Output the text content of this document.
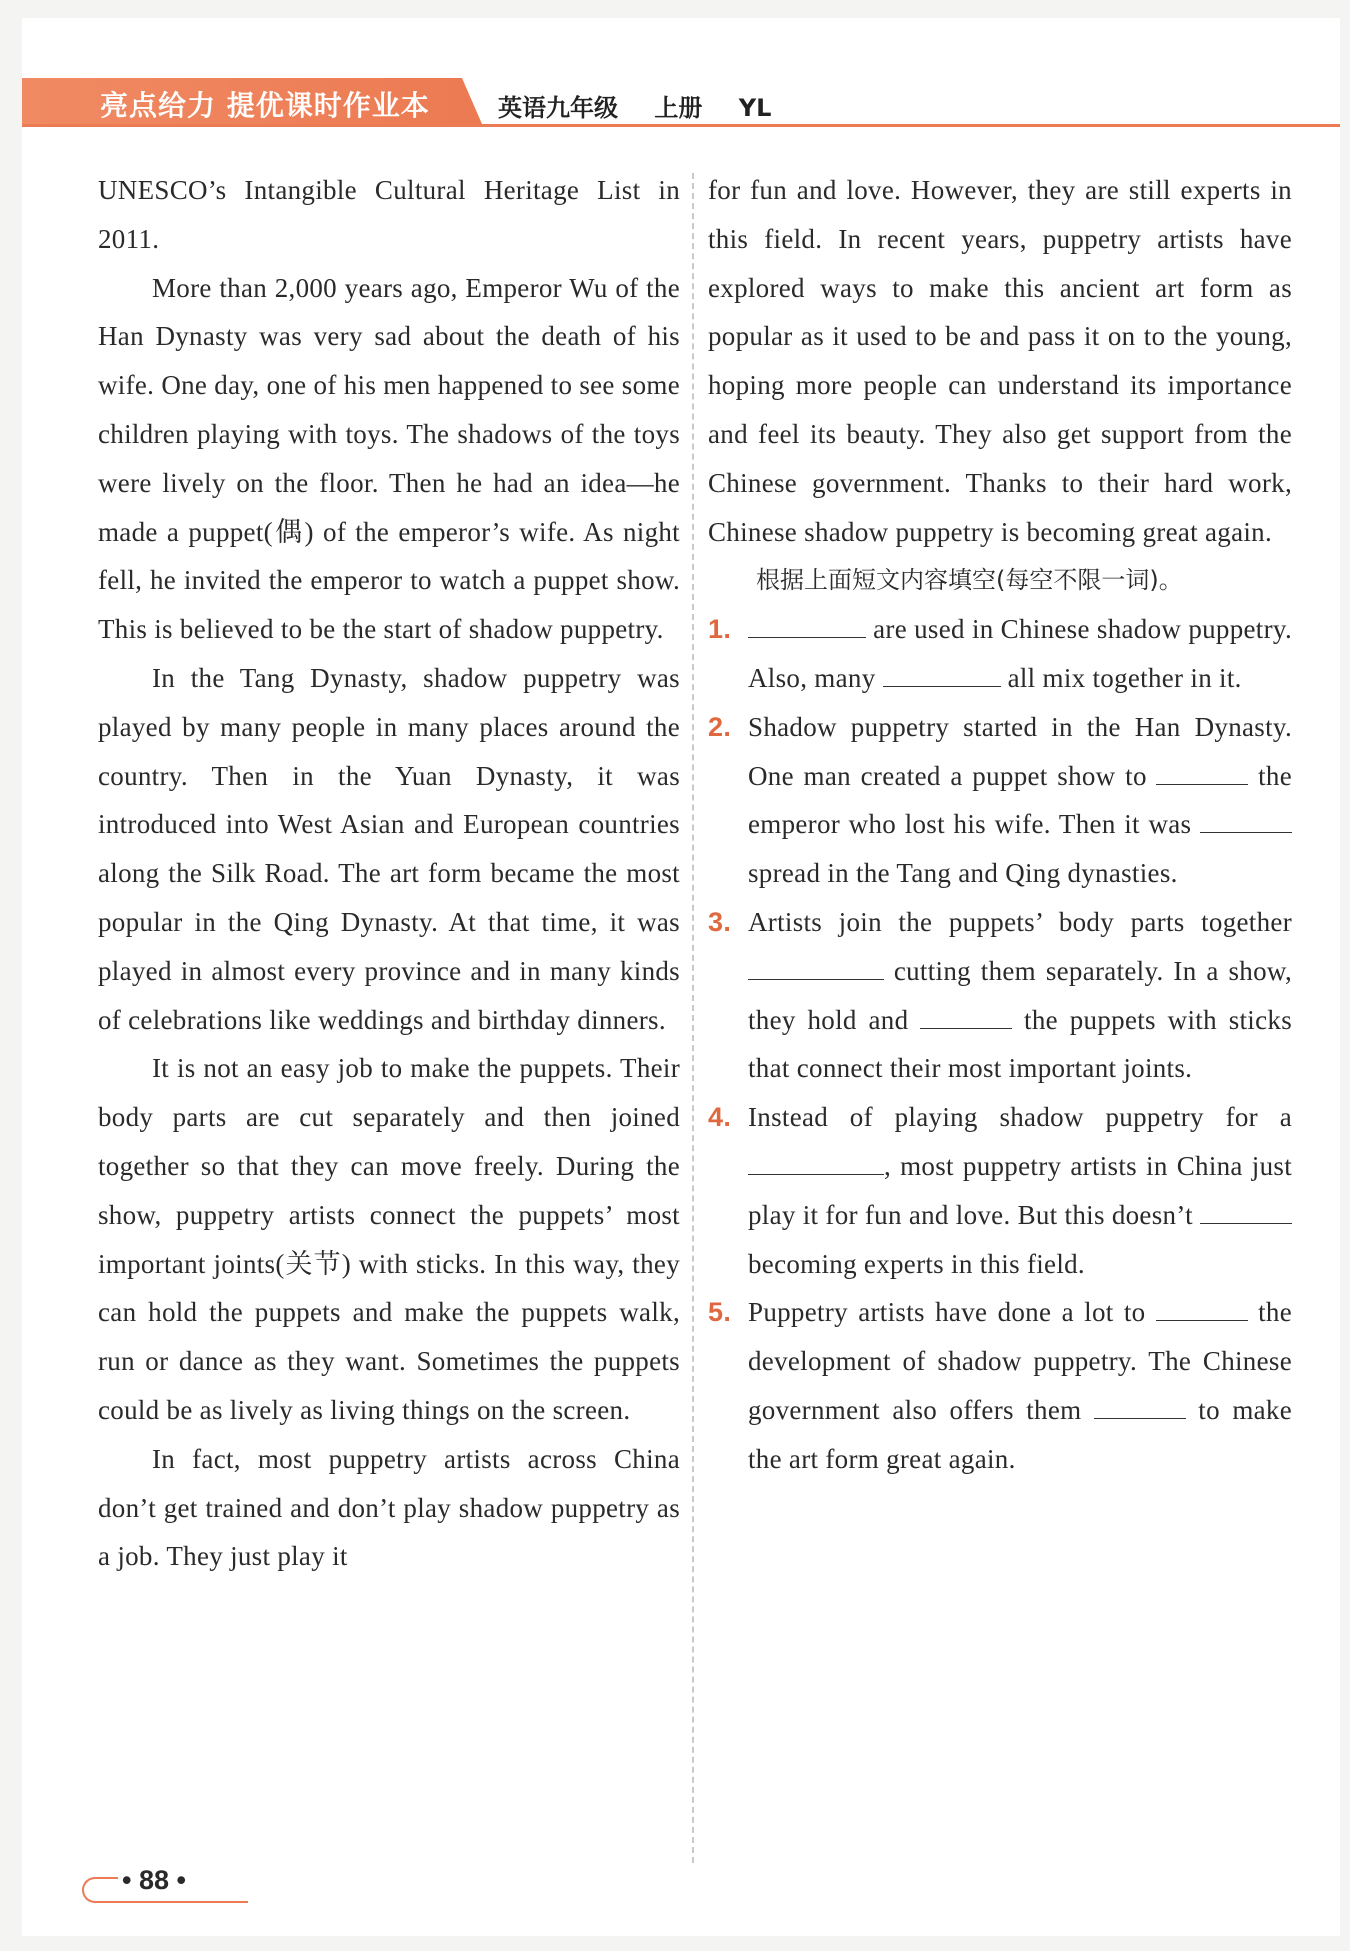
亮点给力 提优课时作业本	英语九年级 上册 YL

UNESCO’s Intangible Cultural Heritage List in 2011.

More than 2,000 years ago, Emperor Wu of the Han Dynasty was very sad about the death of his wife. One day, one of his men happened to see some children playing with toys. The shadows of the toys were lively on the floor. Then he had an idea—he made a puppet(偶) of the emperor’s wife. As night fell, he invited the emperor to watch a puppet show. This is believed to be the start of shadow puppetry.

In the Tang Dynasty, shadow puppetry was played by many people in many places around the country. Then in the Yuan Dynasty, it was introduced into West Asian and European countries along the Silk Road. The art form became the most popular in the Qing Dynasty. At that time, it was played in almost every province and in many kinds of celebrations like weddings and birthday dinners.

It is not an easy job to make the puppets. Their body parts are cut separately and then joined together so that they can move freely. During the show, puppetry artists connect the puppets’ most important joints(关节) with sticks. In this way, they can hold the puppets and make the puppets walk, run or dance as they want. Sometimes the puppets could be as lively as living things on the screen.

In fact, most puppetry artists across China don’t get trained and don’t play shadow puppetry as a job. They just play it

for fun and love. However, they are still experts in this field. In recent years, puppetry artists have explored ways to make this ancient art form as popular as it used to be and pass it on to the young, hoping more people can understand its importance and feel its beauty. They also get support from the Chinese government. Thanks to their hard work, Chinese shadow puppetry is becoming great again.

根据上面短文内容填空(每空不限一词)。

1.	are used in Chinese shadow puppetry. Also, many	all mix together in it.

2. Shadow puppetry started in the Han Dynasty. One man created a puppet show to	the emperor who lost his wife. Then it was  spread in the Tang and Qing dynasties.

3. Artists join the puppets’ body parts together  cutting them separately. In a show, they hold and	the puppets with sticks that connect their most important joints.

4. Instead of playing shadow puppetry for a , most puppetry artists in China just play it for fun and love. But this doesn’t  becoming experts in this field.

5. Puppetry artists have done a lot to	the development of shadow puppetry. The Chinese government also offers them	to make the art form great again.

• 88 •
